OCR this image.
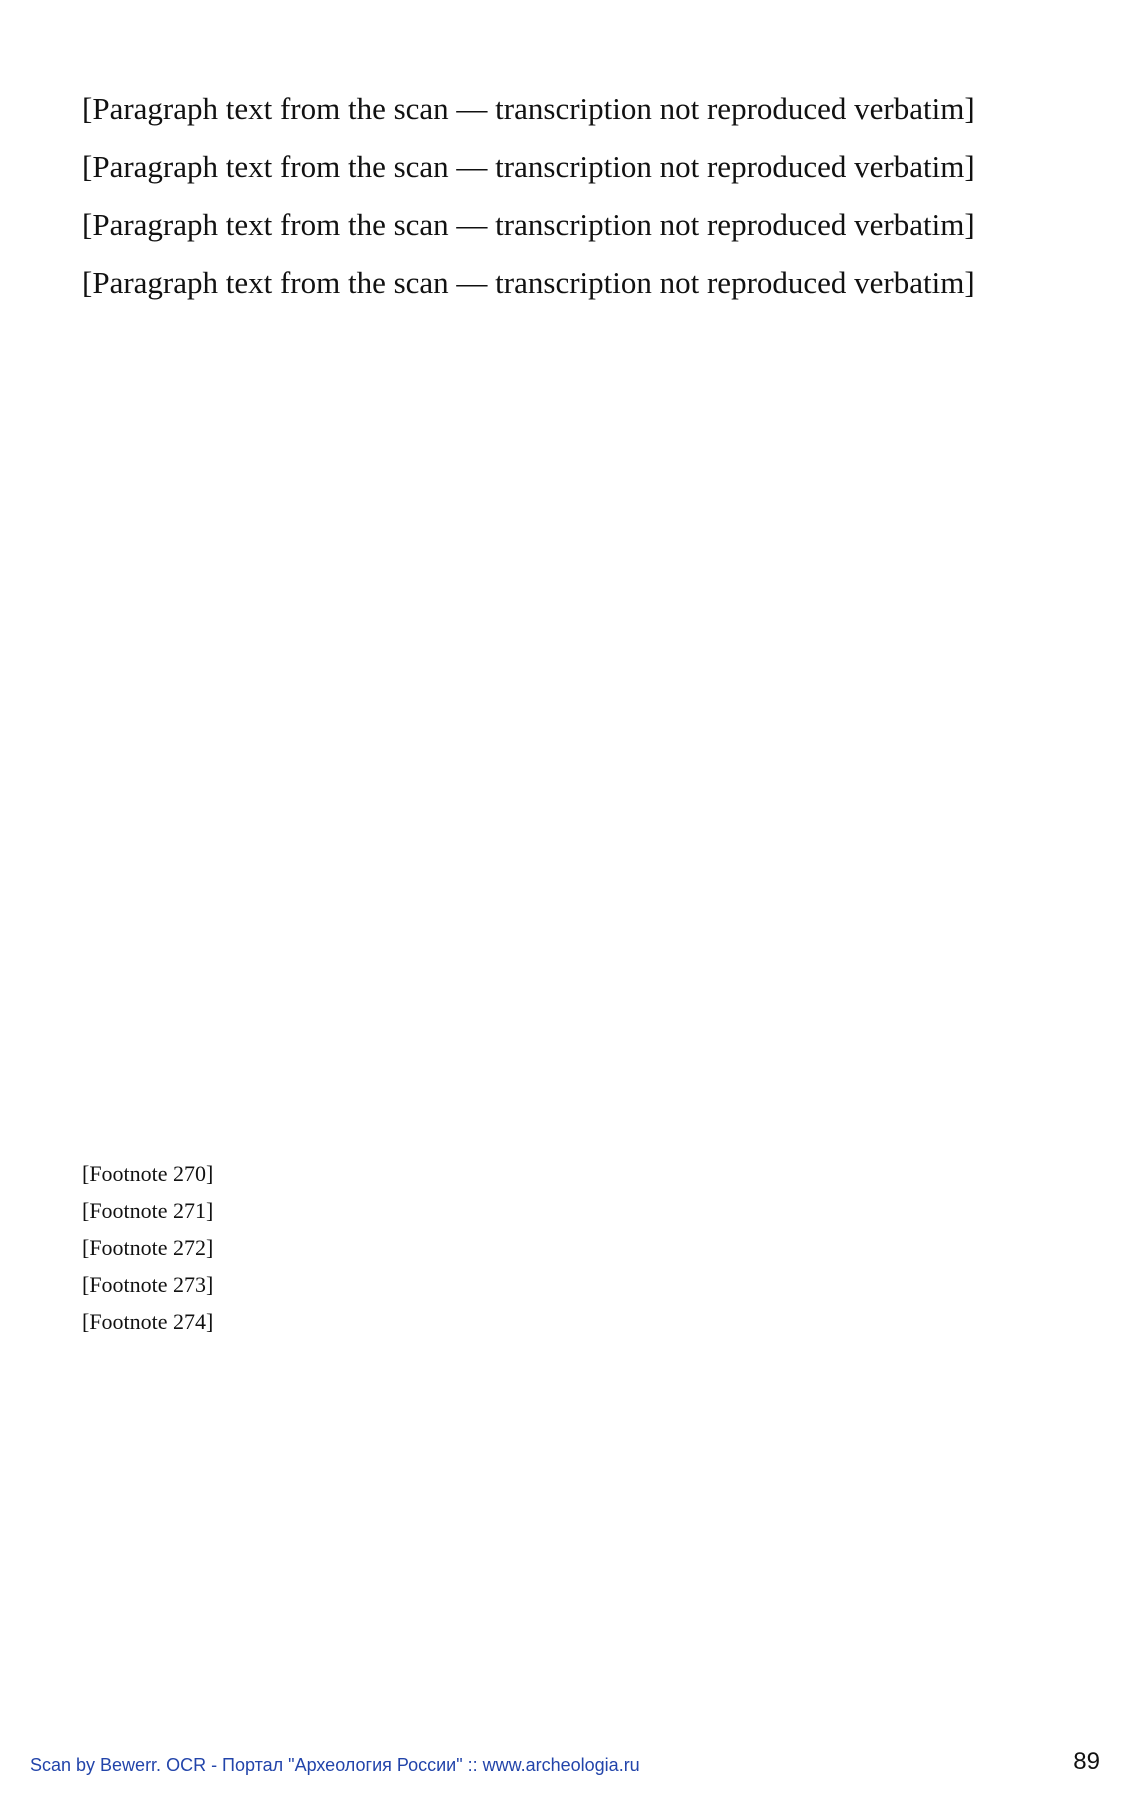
[Paragraph text from the scan — transcription not reproduced verbatim]

[Paragraph text from the scan — transcription not reproduced verbatim]

[Paragraph text from the scan — transcription not reproduced verbatim]

[Paragraph text from the scan — transcription not reproduced verbatim]

[Footnote 270]

[Footnote 271]

[Footnote 272]

[Footnote 273]

[Footnote 274]

Scan by Bewerr. OCR - Портал "Археология России" :: www.archeologia.ru	89
